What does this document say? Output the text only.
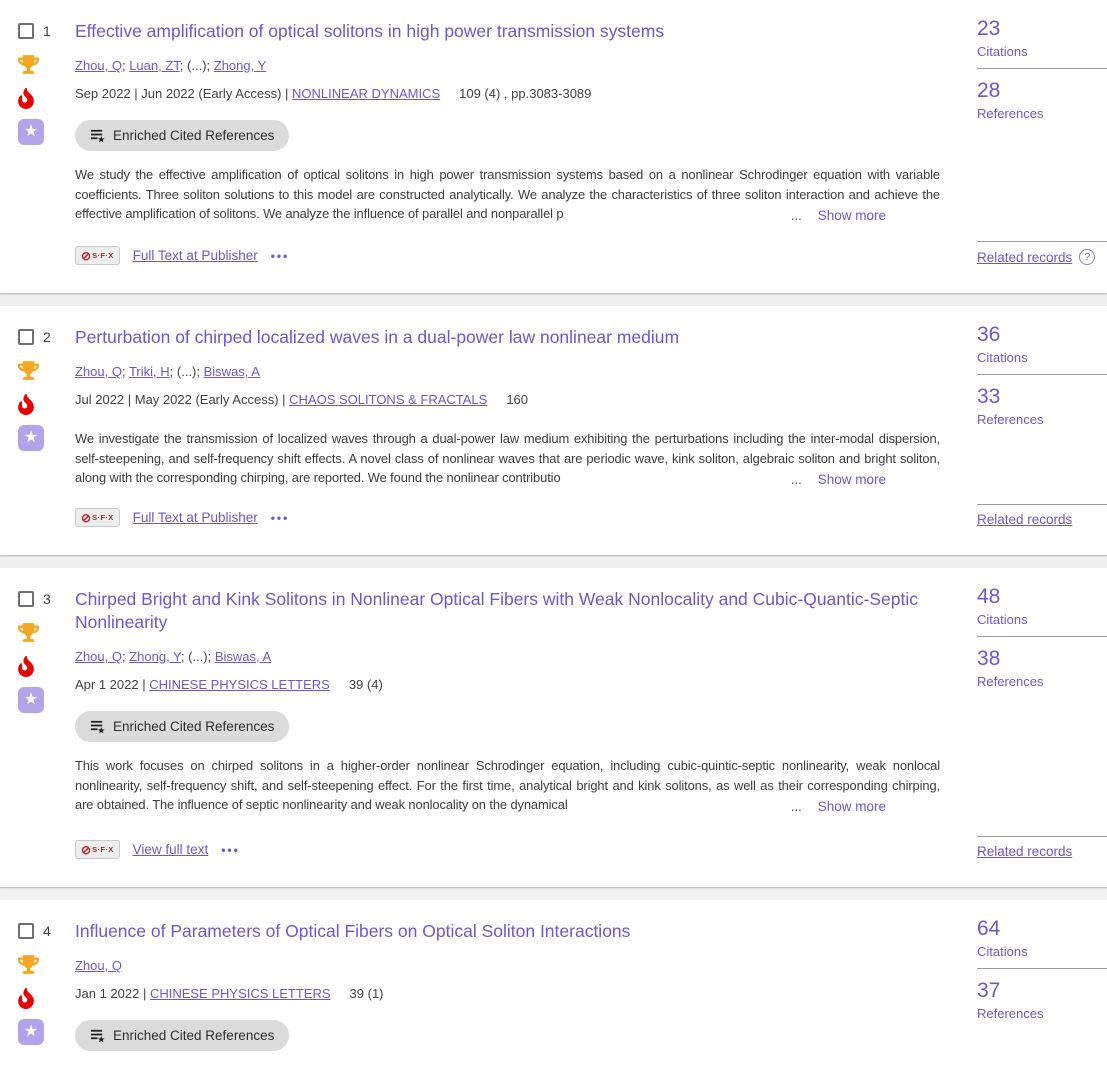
1
★
Effective amplification of optical solitons in high power transmission systems
Zhou, Q; Luan, ZT; (...); Zhong, Y
Sep 2022 | Jun 2022 (Early Access) | NONLINEAR DYNAMICS 109 (4) , pp.3083-3089
Enriched Cited References
We study the effective amplification of optical solitons in high power transmission systems based on a nonlinear Schrodinger equation with variable coefficients. Three soliton solutions to this model are constructed analytically. We analyze the characteristics of three soliton interaction and achieve the effective amplification of solitons. We analyze the influence of parallel and nonparallel p	... Show more
⊘ S·F·X Full Text at Publisher •••
23
Citations
28
References
Related records	?
2
★
Perturbation of chirped localized waves in a dual-power law nonlinear medium
Zhou, Q; Triki, H; (...); Biswas, A
Jul 2022 | May 2022 (Early Access) | CHAOS SOLITONS & FRACTALS 160
We investigate the transmission of localized waves through a dual-power law medium exhibiting the perturbations including the inter-modal dispersion, self-steepening, and self-frequency shift effects. A novel class of nonlinear waves that are periodic wave, kink soliton, algebraic soliton and bright soliton, along with the corresponding chirping, are reported. We found the nonlinear contributio	... Show more
⊘ S·F·X Full Text at Publisher •••
36
Citations
33
References
Related records
3
★
Chirped Bright and Kink Solitons in Nonlinear Optical Fibers with Weak Nonlocality and Cubic-Quantic-Septic Nonlinearity
Zhou, Q; Zhong, Y; (...); Biswas, A
Apr 1 2022 | CHINESE PHYSICS LETTERS 39 (4)
Enriched Cited References
This work focuses on chirped solitons in a higher-order nonlinear Schrodinger equation, including cubic-quintic-septic nonlinearity, weak nonlocal nonlinearity, self-frequency shift, and self-steepening effect. For the first time, analytical bright and kink solitons, as well as their corresponding chirping, are obtained. The influence of septic nonlinearity and weak nonlocality on the dynamical	... Show more
⊘ S·F·X View full text •••
48
Citations
38
References
Related records
4
★
Influence of Parameters of Optical Fibers on Optical Soliton Interactions
Zhou, Q
Jan 1 2022 | CHINESE PHYSICS LETTERS 39 (1)
Enriched Cited References
64
Citations
37
References
